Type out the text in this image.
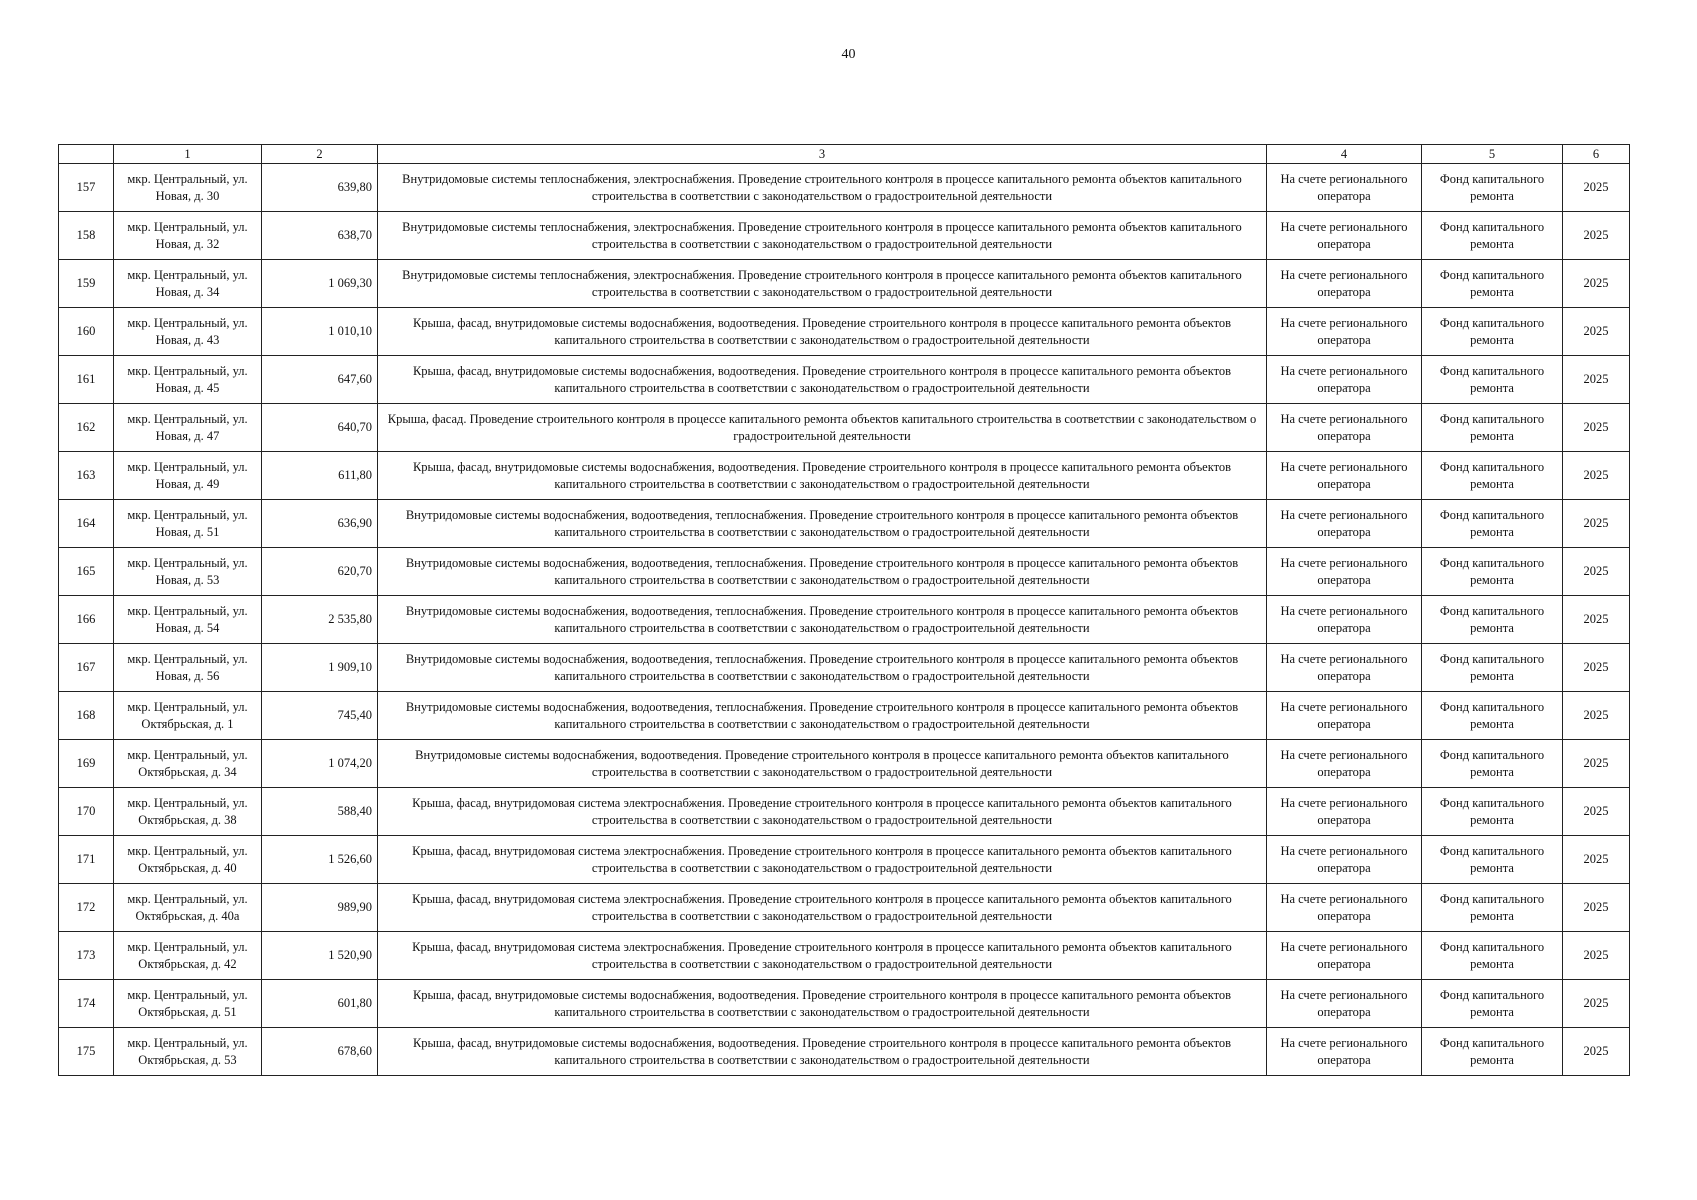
40
	1	2	3	4	5	6
157	мкр. Центральный, ул. Новая, д. 30	639,80	Внутридомовые системы теплоснабжения, электроснабжения. Проведение строительного контроля в процессе капитального ремонта объектов капитального строительства в соответствии с законодательством о градостроительной деятельности	На счете регионального оператора	Фонд капитального ремонта	2025
158	мкр. Центральный, ул. Новая, д. 32	638,70	Внутридомовые системы теплоснабжения, электроснабжения. Проведение строительного контроля в процессе капитального ремонта объектов капитального строительства в соответствии с законодательством о градостроительной деятельности	На счете регионального оператора	Фонд капитального ремонта	2025
159	мкр. Центральный, ул. Новая, д. 34	1 069,30	Внутридомовые системы теплоснабжения, электроснабжения. Проведение строительного контроля в процессе капитального ремонта объектов капитального строительства в соответствии с законодательством о градостроительной деятельности	На счете регионального оператора	Фонд капитального ремонта	2025
160	мкр. Центральный, ул. Новая, д. 43	1 010,10	Крыша, фасад, внутридомовые системы водоснабжения, водоотведения. Проведение строительного контроля в процессе капитального ремонта объектов капитального строительства в соответствии с законодательством о градостроительной деятельности	На счете регионального оператора	Фонд капитального ремонта	2025
161	мкр. Центральный, ул. Новая, д. 45	647,60	Крыша, фасад, внутридомовые системы водоснабжения, водоотведения. Проведение строительного контроля в процессе капитального ремонта объектов капитального строительства в соответствии с законодательством о градостроительной деятельности	На счете регионального оператора	Фонд капитального ремонта	2025
162	мкр. Центральный, ул. Новая, д. 47	640,70	Крыша, фасад. Проведение строительного контроля в процессе капитального ремонта объектов капитального строительства в соответствии с законодательством о градостроительной деятельности	На счете регионального оператора	Фонд капитального ремонта	2025
163	мкр. Центральный, ул. Новая, д. 49	611,80	Крыша, фасад, внутридомовые системы водоснабжения, водоотведения. Проведение строительного контроля в процессе капитального ремонта объектов капитального строительства в соответствии с законодательством о градостроительной деятельности	На счете регионального оператора	Фонд капитального ремонта	2025
164	мкр. Центральный, ул. Новая, д. 51	636,90	Внутридомовые системы водоснабжения, водоотведения, теплоснабжения. Проведение строительного контроля в процессе капитального ремонта объектов капитального строительства в соответствии с законодательством о градостроительной деятельности	На счете регионального оператора	Фонд капитального ремонта	2025
165	мкр. Центральный, ул. Новая, д. 53	620,70	Внутридомовые системы водоснабжения, водоотведения, теплоснабжения. Проведение строительного контроля в процессе капитального ремонта объектов капитального строительства в соответствии с законодательством о градостроительной деятельности	На счете регионального оператора	Фонд капитального ремонта	2025
166	мкр. Центральный, ул. Новая, д. 54	2 535,80	Внутридомовые системы водоснабжения, водоотведения, теплоснабжения. Проведение строительного контроля в процессе капитального ремонта объектов капитального строительства в соответствии с законодательством о градостроительной деятельности	На счете регионального оператора	Фонд капитального ремонта	2025
167	мкр. Центральный, ул. Новая, д. 56	1 909,10	Внутридомовые системы водоснабжения, водоотведения, теплоснабжения. Проведение строительного контроля в процессе капитального ремонта объектов капитального строительства в соответствии с законодательством о градостроительной деятельности	На счете регионального оператора	Фонд капитального ремонта	2025
168	мкр. Центральный, ул. Октябрьская, д. 1	745,40	Внутридомовые системы водоснабжения, водоотведения, теплоснабжения. Проведение строительного контроля в процессе капитального ремонта объектов капитального строительства в соответствии с законодательством о градостроительной деятельности	На счете регионального оператора	Фонд капитального ремонта	2025
169	мкр. Центральный, ул. Октябрьская, д. 34	1 074,20	Внутридомовые системы водоснабжения, водоотведения. Проведение строительного контроля в процессе капитального ремонта объектов капитального строительства в соответствии с законодательством о градостроительной деятельности	На счете регионального оператора	Фонд капитального ремонта	2025
170	мкр. Центральный, ул. Октябрьская, д. 38	588,40	Крыша, фасад, внутридомовая система электроснабжения. Проведение строительного контроля в процессе капитального ремонта объектов капитального строительства в соответствии с законодательством о градостроительной деятельности	На счете регионального оператора	Фонд капитального ремонта	2025
171	мкр. Центральный, ул. Октябрьская, д. 40	1 526,60	Крыша, фасад, внутридомовая система электроснабжения. Проведение строительного контроля в процессе капитального ремонта объектов капитального строительства в соответствии с законодательством о градостроительной деятельности	На счете регионального оператора	Фонд капитального ремонта	2025
172	мкр. Центральный, ул. Октябрьская, д. 40а	989,90	Крыша, фасад, внутридомовая система электроснабжения. Проведение строительного контроля в процессе капитального ремонта объектов капитального строительства в соответствии с законодательством о градостроительной деятельности	На счете регионального оператора	Фонд капитального ремонта	2025
173	мкр. Центральный, ул. Октябрьская, д. 42	1 520,90	Крыша, фасад, внутридомовая система электроснабжения. Проведение строительного контроля в процессе капитального ремонта объектов капитального строительства в соответствии с законодательством о градостроительной деятельности	На счете регионального оператора	Фонд капитального ремонта	2025
174	мкр. Центральный, ул. Октябрьская, д. 51	601,80	Крыша, фасад, внутридомовые системы водоснабжения, водоотведения. Проведение строительного контроля в процессе капитального ремонта объектов капитального строительства в соответствии с законодательством о градостроительной деятельности	На счете регионального оператора	Фонд капитального ремонта	2025
175	мкр. Центральный, ул. Октябрьская, д. 53	678,60	Крыша, фасад, внутридомовые системы водоснабжения, водоотведения. Проведение строительного контроля в процессе капитального ремонта объектов капитального строительства в соответствии с законодательством о градостроительной деятельности	На счете регионального оператора	Фонд капитального ремонта	2025
